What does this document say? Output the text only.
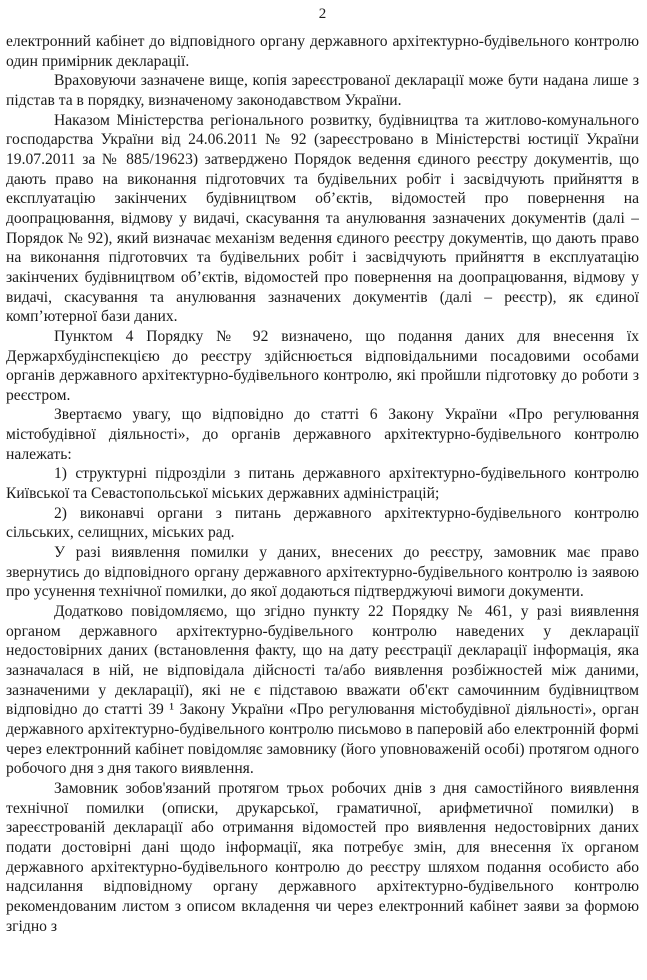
2

електронний кабінет до відповідного органу державного архітектурно-будівельного контролю один примірник декларації.

Враховуючи зазначене вище, копія зареєстрованої декларації може бути надана лише з підстав та в порядку, визначеному законодавством України.

Наказом Міністерства регіонального розвитку, будівництва та житлово-комунального господарства України від 24.06.2011 № 92 (зареєстровано в Міністерстві юстиції України 19.07.2011 за № 885/19623) затверджено Порядок ведення єдиного реєстру документів, що дають право на виконання підготовчих та будівельних робіт і засвідчують прийняття в експлуатацію закінчених будівництвом об’єктів, відомостей про повернення на доопрацювання, відмову у видачі, скасування та анулювання зазначених документів (далі – Порядок № 92), який визначає механізм ведення єдиного реєстру документів, що дають право на виконання підготовчих та будівельних робіт і засвідчують прийняття в експлуатацію закінчених будівництвом об’єктів, відомостей про повернення на доопрацювання, відмову у видачі, скасування та анулювання зазначених документів (далі – реєстр), як єдиної комп’ютерної бази даних.

Пунктом 4 Порядку № 92 визначено, що подання даних для внесення їх Держархбудінспекцією до реєстру здійснюється відповідальними посадовими особами органів державного архітектурно-будівельного контролю, які пройшли підготовку до роботи з реєстром.

Звертаємо увагу, що відповідно до статті 6 Закону України «Про регулювання містобудівної діяльності», до органів державного архітектурно-будівельного контролю належать:

1) структурні підрозділи з питань державного архітектурно-будівельного контролю Київської та Севастопольської міських державних адміністрацій;

2) виконавчі органи з питань державного архітектурно-будівельного контролю сільських, селищних, міських рад.

У разі виявлення помилки у даних, внесених до реєстру, замовник має право звернутись до відповідного органу державного архітектурно-будівельного контролю із заявою про усунення технічної помилки, до якої додаються підтверджуючі вимоги документи.

Додатково повідомляємо, що згідно пункту 22 Порядку № 461, у разі виявлення органом державного архітектурно-будівельного контролю наведених у декларації недостовірних даних (встановлення факту, що на дату реєстрації декларації інформація, яка зазначалася в ній, не відповідала дійсності та/або виявлення розбіжностей між даними, зазначеними у декларації), які не є підставою вважати об'єкт самочинним будівництвом відповідно до статті 39 ¹ Закону України «Про регулювання містобудівної діяльності», орган державного архітектурно-будівельного контролю письмово в паперовій або електронній формі через електронний кабінет повідомляє замовнику (його уповноваженій особі) протягом одного робочого дня з дня такого виявлення.

Замовник зобов'язаний протягом трьох робочих днів з дня самостійного виявлення технічної помилки (описки, друкарської, граматичної, арифметичної помилки) в зареєстрованій декларації або отримання відомостей про виявлення недостовірних даних подати достовірні дані щодо інформації, яка потребує змін, для внесення їх органом державного архітектурно-будівельного контролю до реєстру шляхом подання особисто або надсилання відповідному органу державного архітектурно-будівельного контролю рекомендованим листом з описом вкладення чи через електронний кабінет заяви за формою згідно з
